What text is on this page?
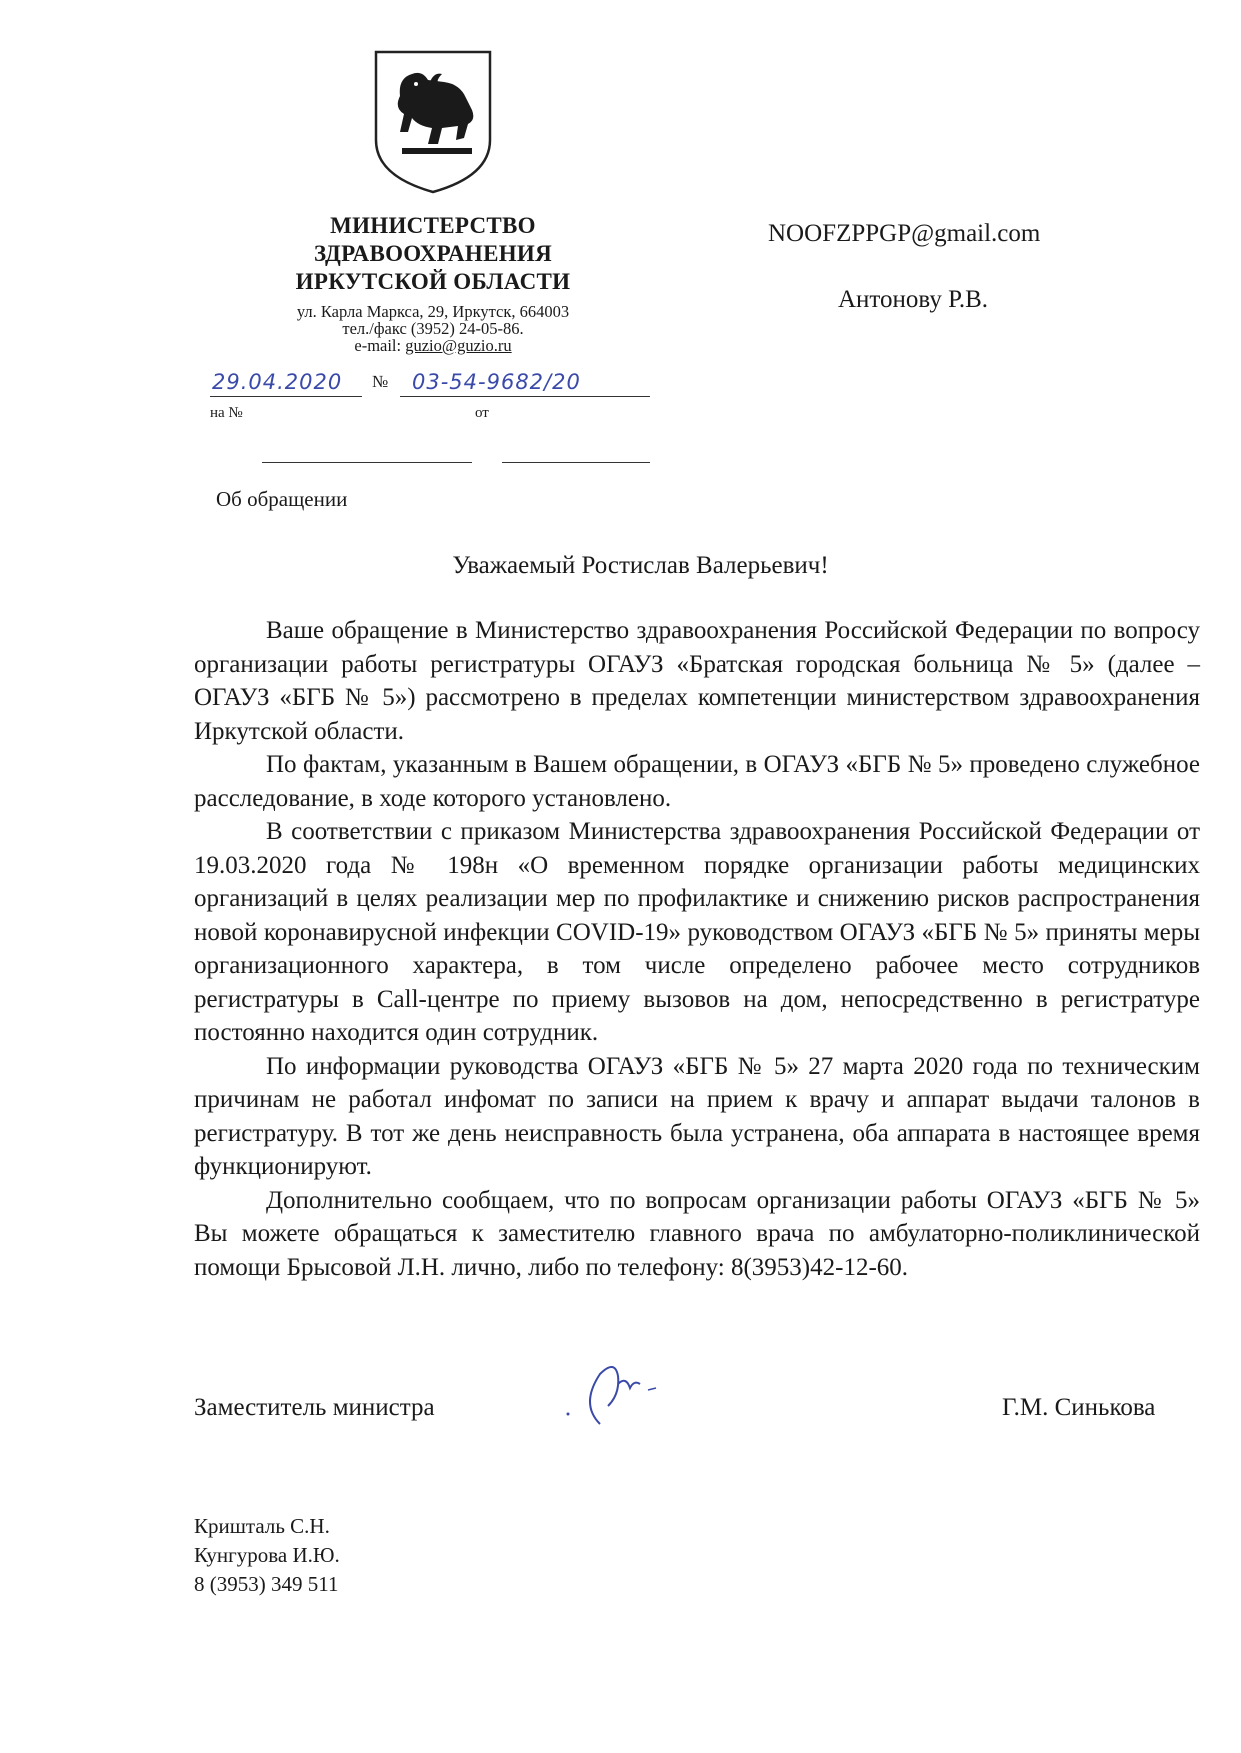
МИНИСТЕРСТВО
ЗДРАВООХРАНЕНИЯ
ИРКУТСКОЙ ОБЛАСТИ
ул. Карла Маркса, 29, Иркутск, 664003
тел./факс (3952) 24-05-86.
e-mail: guzio@guzio.ru
29.04.2020	№ 03-54-9682/20
на №	от
NOOFZPPGP@gmail.com
Антонову Р.В.
Об обращении
Уважаемый Ростислав Валерьевич!

Ваше обращение в Министерство здравоохранения Российской Федерации по вопросу организации работы регистратуры ОГАУЗ «Братская городская больница № 5» (далее – ОГАУЗ «БГБ № 5») рассмотрено в пределах компетенции министерством здравоохранения Иркутской области.

По фактам, указанным в Вашем обращении, в ОГАУЗ «БГБ № 5» проведено служебное расследование, в ходе которого установлено.

В соответствии с приказом Министерства здравоохранения Российской Федерации от 19.03.2020 года № 198н «О временном порядке организации работы медицинских организаций в целях реализации мер по профилактике и снижению рисков распространения новой коронавирусной инфекции COVID-19» руководством ОГАУЗ «БГБ № 5» приняты меры организационного характера, в том числе определено рабочее место сотрудников регистратуры в Call-центре по приему вызовов на дом, непосредственно в регистратуре постоянно находится один сотрудник.

По информации руководства ОГАУЗ «БГБ № 5» 27 марта 2020 года по техническим причинам не работал инфомат по записи на прием к врачу и аппарат выдачи талонов в регистратуру. В тот же день неисправность была устранена, оба аппарата в настоящее время функционируют.

Дополнительно сообщаем, что по вопросам организации работы ОГАУЗ «БГБ № 5» Вы можете обращаться к заместителю главного врача по амбулаторно-поликлинической помощи Брысовой Л.Н. лично, либо по телефону: 8(3953)42-12-60.

Заместитель министра	Г.М. Синькова
Кришталь С.Н.
Кунгурова И.Ю.
8 (3953) 349 511
